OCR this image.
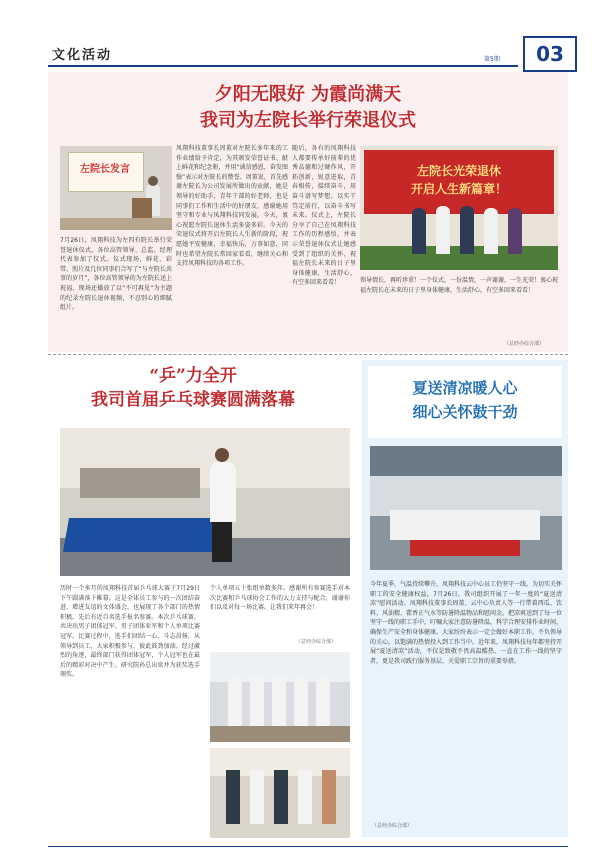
文化活动	第5期	03
夕阳无限好 为霞尚满天
我司为左院长举行荣退仪式
左院长发言
7月26日，凤翔科技为左四有院长举行荣誉退休仪式，各位高管领导、总监、经理代表参加了仪式。仪式现场，鲜花、彩带、照片及几位同事们合写了“与左院长共事的岁月”，各位高管领导的为左院长送上祝福，现场还播放了以“不可再见”为主题的纪录左院长退休视频，不忍别心的细腻组片。
凤翔科技董事长周董对左院长多年来的工作业绩给予肯定，为其颁发荣誉证书、献上鲜花和纪念册，并用“诚信感恩，奋发图强”表示对左院长的赞誉。周董说，首先感谢左院长为公司发展所做出的贡献，她是领导的好助手，青年干部的好老师，也是同事们工作和生活中的好朋友，感谢她用坚守和专业与凤翔科技同发展。今天，衷心祝愿左院长退休生活多姿多彩。今天的荣退仪式将开启左院长人生新的阶段，祝愿她平安健康，幸福快乐，万事如意，同时也希望左院长常回家看看，继续关心和支持凤翔科技的各项工作。
随后，各有的凤翔科技人都要传承好前辈的优秀品德和过硬作风，开拓创新，锐意进取，青春相传，接续奋斗，用奋斗谱写梦想。以实干笃定前行，以奋斗书写未来。仪式上，左院长分享了自己在凤翔科技工作的历程感悟，并表示荣誉退休仪式让她感受到了组织的关怀，祝福左院长未来的日子里身体健康，生活舒心，有空多回来看看！
左院长光荣退休
开启人生新篇章！
领导情长，再听珍重！一个仪式，一份温情，一声谢谢，一生光荣！衷心祝福左院长在未来的日子里身体健康，生活舒心，有空多回来看看！
（总经办综合部）
“乒”力全开
我司首届乒乓球赛圆满落幕
历时一个多月的凤翔科技首届乒乓球大赛于7月29日下午圆满落下帷幕。这是全体员工参与的一次团结奋进、增进友谊的文体盛会，也展现了各个部门的热情积极。先后有近百名选手报名参赛。本次乒乓球赛，共决出男子团体冠军、男子团体亚军和个人单项比赛冠军。比赛过程中，选手们团结一心，斗志昂扬，从领导到员工，大家积极参与，彼此鼓劲加油。经过激烈的角逐，最终部门获得团体冠军，个人冠军也在最后的精彩对决中产生。研究院孙总出席并为获奖选手颁奖。
个人单项五十张组单数多年。感谢所有参赛选手对本次比赛和乒乓球协会工作的大力支持与配合，谢谢你们以及对每一场比赛。让我们来年再会！
（总经办综合部）
夏送清凉暖人心
细心关怀鼓干劲
今年夏季，气温持续攀升，凤翔科技云中心员工仍坚守一线。为切实关怀职工的安全健康权益，7月26日，我司组织开展了一年一度的“夏送清凉”慰问活动。凤翔科技董事长周董、云中心负责人等一行带着西瓜、饮料、风油精、藿香正气水等防暑降温物品和慰问金，把凉爽送到了每一位坚守一线的职工手中，叮嘱大家注意防暑降温，科学合理安排作业时间，确保生产安全和身体健康。大家纷纷表示一定会做好本职工作，不负领导的关心，以饱满的热情投入到工作当中。近年来，凤翔科技每年都坚持开展“夏送清凉”活动，不仅是致敬不畏高温酷热、一直在工作一线的坚守者，更是我司践行服务基层、关爱职工宗旨的重要举措。
（总经办综合部）
